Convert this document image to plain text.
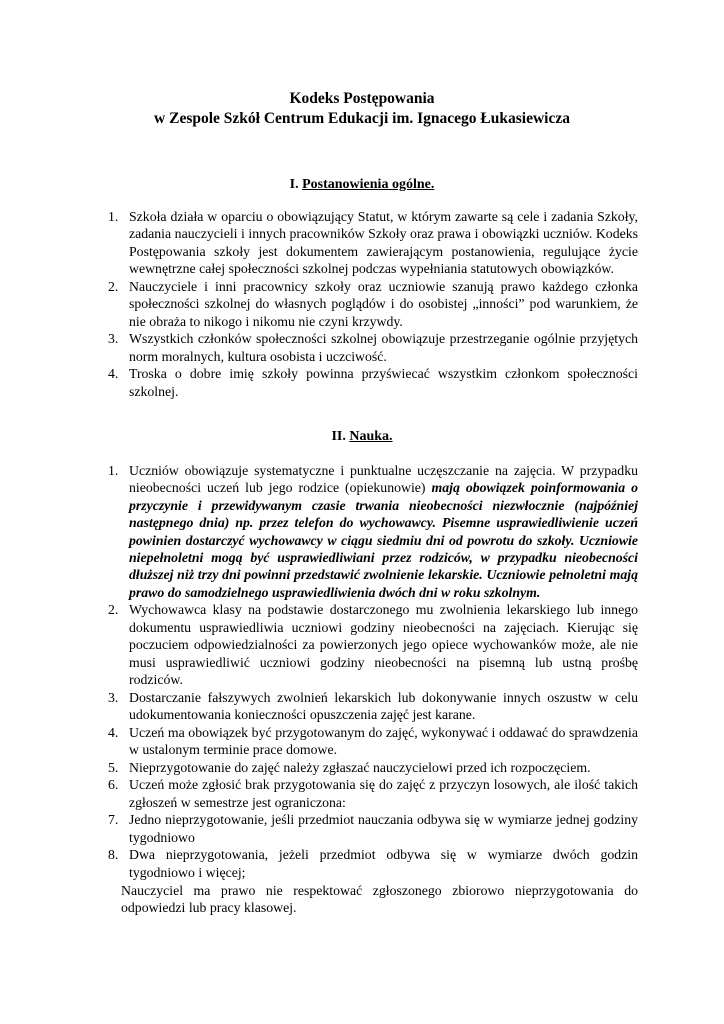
Kodeks Postępowania
w Zespole Szkół Centrum Edukacji im. Ignacego Łukasiewicza
I. Postanowienia ogólne.
1. Szkoła działa w oparciu o obowiązujący Statut, w którym zawarte są cele i zadania Szkoły, zadania nauczycieli i innych pracowników Szkoły oraz prawa i obowiązki uczniów. Kodeks Postępowania szkoły jest dokumentem zawierającym postanowienia, regulujące życie wewnętrzne całej społeczności szkolnej podczas wypełniania statutowych obowiązków.
2. Nauczyciele i inni pracownicy szkoły oraz uczniowie szanują prawo każdego członka społeczności szkolnej do własnych poglądów i do osobistej „inności” pod warunkiem, że nie obraża to nikogo i nikomu nie czyni krzywdy.
3. Wszystkich członków społeczności szkolnej obowiązuje przestrzeganie ogólnie przyjętych norm moralnych, kultura osobista i uczciwość.
4. Troska o dobre imię szkoły powinna przyświecać wszystkim członkom społeczności szkolnej.
II. Nauka.
1. Uczniów obowiązuje systematyczne i punktualne uczęszczanie na zajęcia. W przypadku nieobecności uczeń lub jego rodzice (opiekunowie) mają obowiązek poinformowania o przyczynie i przewidywanym czasie trwania nieobecności niezwłocznie (najpóźniej następnego dnia) np. przez telefon do wychowawcy. Pisemne usprawiedliwienie uczeń powinien dostarczyć wychowawcy w ciągu siedmiu dni od powrotu do szkoły. Uczniowie niepełnoletni mogą być usprawiedliwiani przez rodziców, w przypadku nieobecności dłuższej niż trzy dni powinni przedstawić zwolnienie lekarskie. Uczniowie pełnoletni mają prawo do samodzielnego usprawiedliwienia dwóch dni w roku szkolnym.
2. Wychowawca klasy na podstawie dostarczonego mu zwolnienia lekarskiego lub innego dokumentu usprawiedliwia uczniowi godziny nieobecności na zajęciach. Kierując się poczuciem odpowiedzialności za powierzonych jego opiece wychowanków może, ale nie musi usprawiedliwić uczniowi godziny nieobecności na pisemną lub ustną prośbę rodziców.
3. Dostarczanie fałszywych zwolnień lekarskich lub dokonywanie innych oszustw w celu udokumentowania konieczności opuszczenia zajęć jest karane.
4. Uczeń ma obowiązek być przygotowanym do zajęć, wykonywać i oddawać do sprawdzenia w ustalonym terminie prace domowe.
5. Nieprzygotowanie do zajęć należy zgłaszać nauczycielowi przed ich rozpoczęciem.
6. Uczeń może zgłosić brak przygotowania się do zajęć z przyczyn losowych, ale ilość takich zgłoszeń w semestrze jest ograniczona:
7. Jedno nieprzygotowanie, jeśli przedmiot nauczania odbywa się w wymiarze jednej godziny tygodniowo
8. Dwa nieprzygotowania, jeżeli przedmiot odbywa się w wymiarze dwóch godzin tygodniowo i więcej;

Nauczyciel ma prawo nie respektować zgłoszonego zbiorowo nieprzygotowania do odpowiedzi lub pracy klasowej.
